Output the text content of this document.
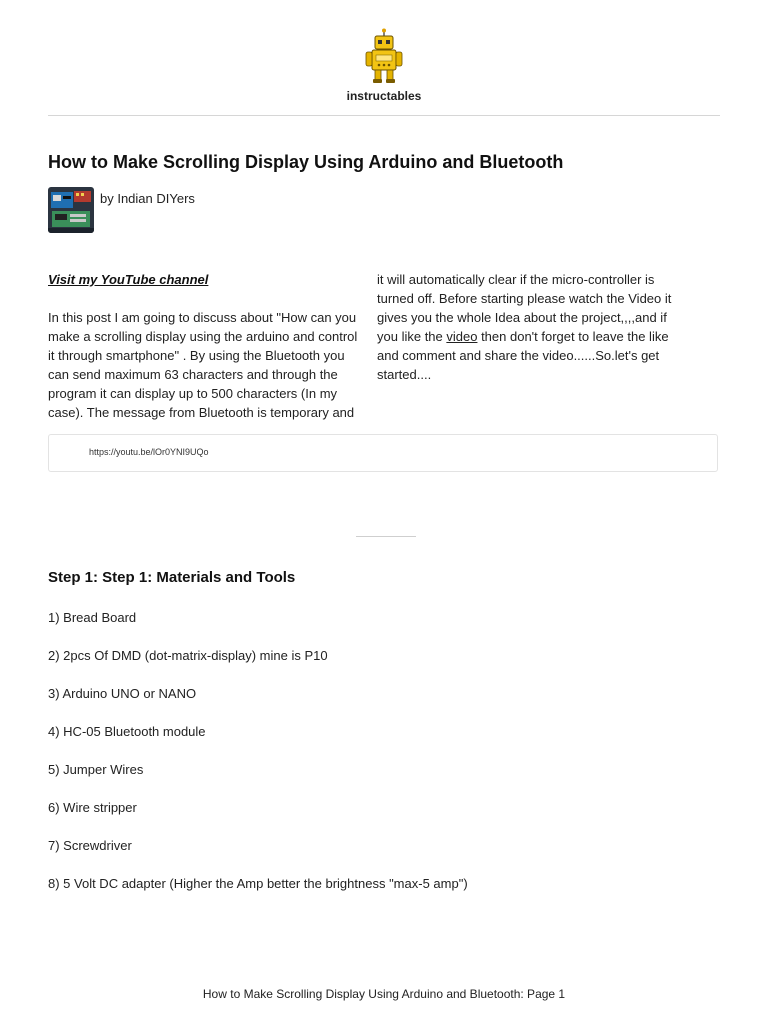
instructables
How to Make Scrolling Display Using Arduino and Bluetooth
by Indian DIYers

Visit my YouTube channel

In this post I am going to discuss about "How can you

make a scrolling display using the arduino and control

it through smartphone" . By using the Bluetooth you

can send maximum 63 characters and through the

program it can display up to 500 characters (In my

case). The message from Bluetooth is temporary and

it will automatically clear if the micro-controller is

turned off. Before starting please watch the Video it

gives you the whole Idea about the project,,,,and if

you like the video then don't forget to leave the like

and comment and share the video......So.let's get

started....

https://youtu.be/lOr0YNI9UQo
Step 1: Step 1: Materials and Tools
1) Bread Board
2) 2pcs Of DMD (dot-matrix-display) mine is P10
3) Arduino UNO or NANO
4) HC-05 Bluetooth module
5) Jumper Wires
6) Wire stripper
7) Screwdriver
8) 5 Volt DC adapter (Higher the Amp better the brightness "max-5 amp")
How to Make Scrolling Display Using Arduino and Bluetooth: Page 1
